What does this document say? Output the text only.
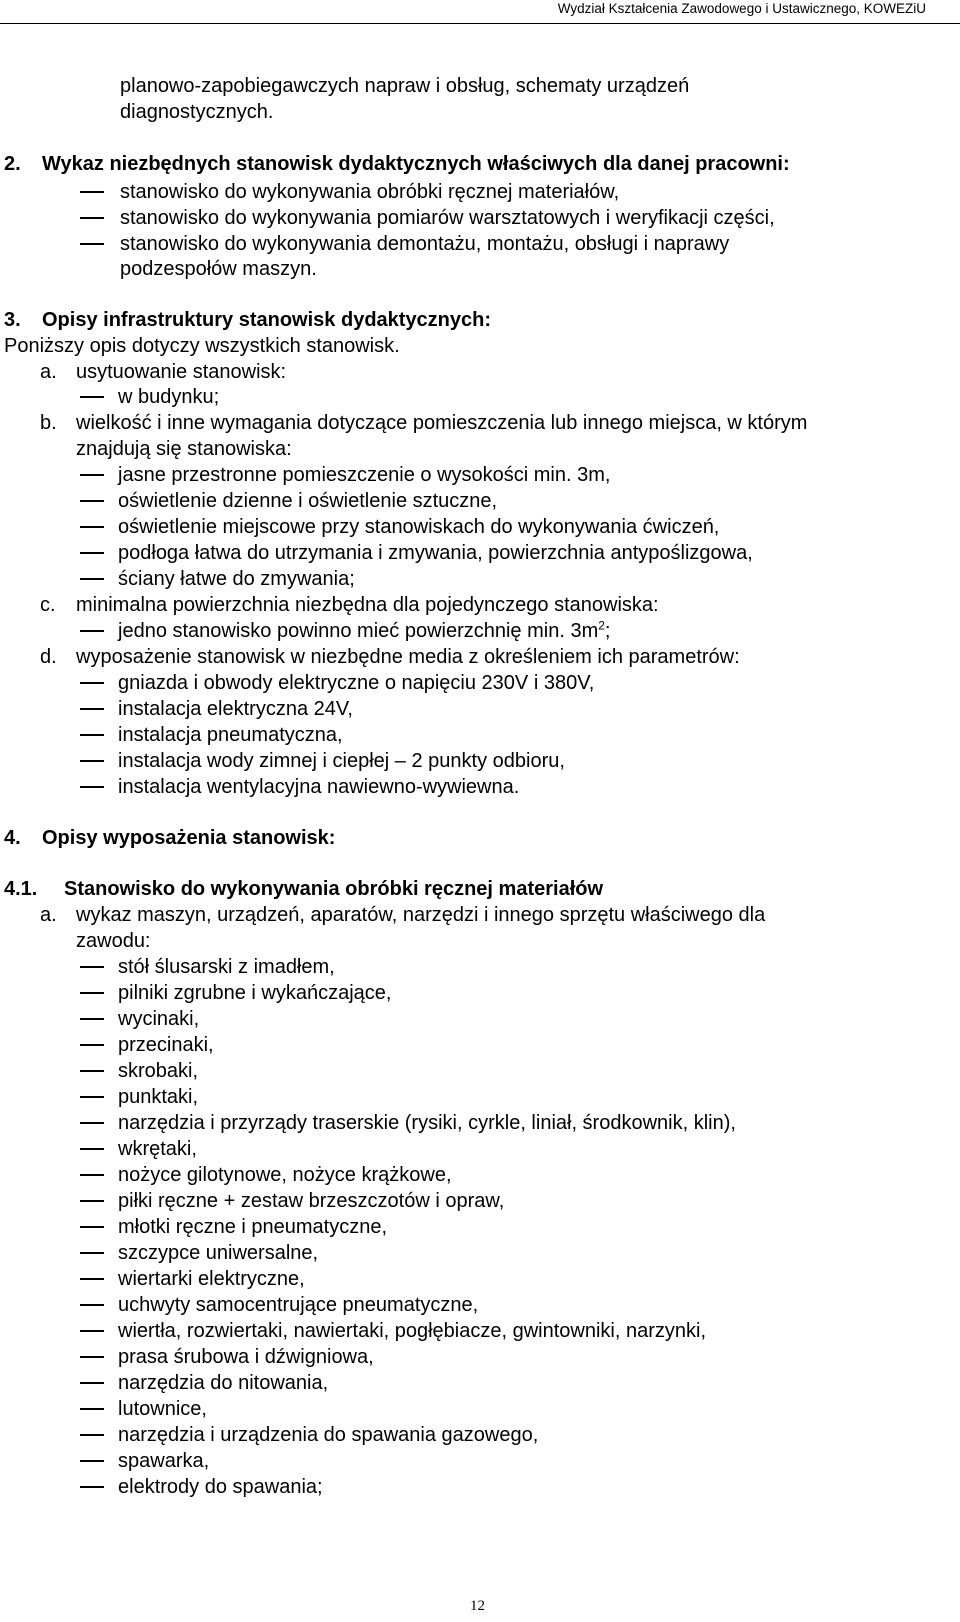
Wydział Kształcenia Zawodowego i Ustawicznego, KOWEZiU
planowo-zapobiegawczych napraw i obsług, schematy urządzeń
diagnostycznych.
2. Wykaz niezbędnych stanowisk dydaktycznych właściwych dla danej pracowni:
stanowisko do wykonywania obróbki ręcznej materiałów,
stanowisko do wykonywania pomiarów warsztatowych i weryfikacji części,
stanowisko do wykonywania demontażu, montażu, obsługi i naprawy
podzespołów maszyn.
3. Opisy infrastruktury stanowisk dydaktycznych:
Poniższy opis dotyczy wszystkich stanowisk.
a. usytuowanie stanowisk:
w budynku;
b. wielkość i inne wymagania dotyczące pomieszczenia lub innego miejsca, w którym
znajdują się stanowiska:
jasne przestronne pomieszczenie o wysokości min. 3m,
oświetlenie dzienne i oświetlenie sztuczne,
oświetlenie miejscowe przy stanowiskach do wykonywania ćwiczeń,
podłoga łatwa do utrzymania i zmywania, powierzchnia antypoślizgowa,
ściany łatwe do zmywania;
c. minimalna powierzchnia niezbędna dla pojedynczego stanowiska:
jedno stanowisko powinno mieć powierzchnię min. $3m^2$;
d. wyposażenie stanowisk w niezbędne media z określeniem ich parametrów:
gniazda i obwody elektryczne o napięciu 230V i 380V,
instalacja elektryczna 24V,
instalacja pneumatyczna,
instalacja wody zimnej i ciepłej – 2 punkty odbioru,
instalacja wentylacyjna nawiewno-wywiewna.
4. Opisy wyposażenia stanowisk:
4.1. Stanowisko do wykonywania obróbki ręcznej materiałów
a. wykaz maszyn, urządzeń, aparatów, narzędzi i innego sprzętu właściwego dla
zawodu:
stół ślusarski z imadłem,
pilniki zgrubne i wykańczające,
wycinaki,
przecinaki,
skrobaki,
punktaki,
narzędzia i przyrządy traserskie (rysiki, cyrkle, liniał, środkownik, klin),
wkrętaki,
nożyce gilotynowe, nożyce krążkowe,
piłki ręczne + zestaw brzeszczotów i opraw,
młotki ręczne i pneumatyczne,
szczypce uniwersalne,
wiertarki elektryczne,
uchwyty samocentrujące pneumatyczne,
wiertła, rozwiertaki, nawiertaki, pogłębiacze, gwintowniki, narzynki,
prasa śrubowa i dźwigniowa,
narzędzia do nitowania,
lutownice,
narzędzia i urządzenia do spawania gazowego,
spawarka,
elektrody do spawania;
12
